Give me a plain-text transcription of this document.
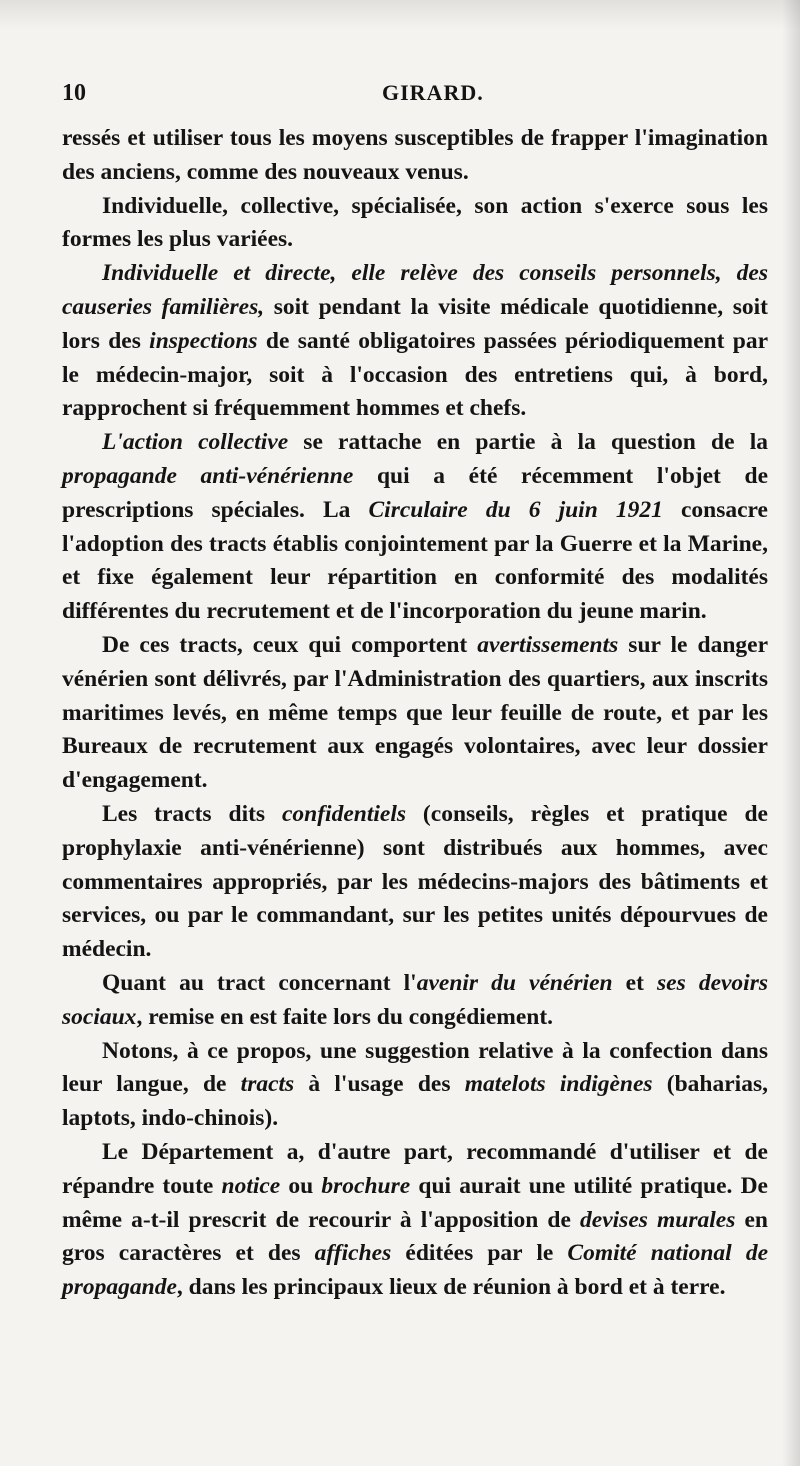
10	GIRARD.

ressés et utiliser tous les moyens susceptibles de frapper l'imagination des anciens, comme des nouveaux venus.

Individuelle, collective, spécialisée, son action s'exerce sous les formes les plus variées.

Individuelle et directe, elle relève des conseils personnels, des causeries familières, soit pendant la visite médicale quotidienne, soit lors des inspections de santé obligatoires passées périodiquement par le médecin-major, soit à l'occasion des entretiens qui, à bord, rapprochent si fréquemment hommes et chefs.

L'action collective se rattache en partie à la question de la propagande anti-vénérienne qui a été récemment l'objet de prescriptions spéciales. La Circulaire du 6 juin 1921 consacre l'adoption des tracts établis conjointement par la Guerre et la Marine, et fixe également leur répartition en conformité des modalités différentes du recrutement et de l'incorporation du jeune marin.

De ces tracts, ceux qui comportent avertissements sur le danger vénérien sont délivrés, par l'Administration des quartiers, aux inscrits maritimes levés, en même temps que leur feuille de route, et par les Bureaux de recrutement aux engagés volontaires, avec leur dossier d'engagement.

Les tracts dits confidentiels (conseils, règles et pratique de prophylaxie anti-vénérienne) sont distribués aux hommes, avec commentaires appropriés, par les médecins-majors des bâtiments et services, ou par le commandant, sur les petites unités dépourvues de médecin.

Quant au tract concernant l'avenir du vénérien et ses devoirs sociaux, remise en est faite lors du congédiement.

Notons, à ce propos, une suggestion relative à la confection dans leur langue, de tracts à l'usage des matelots indigènes (baharias, laptots, indo-chinois).

Le Département a, d'autre part, recommandé d'utiliser et de répandre toute notice ou brochure qui aurait une utilité pratique. De même a-t-il prescrit de recourir à l'apposition de devises murales en gros caractères et des affiches éditées par le Comité national de propagande, dans les principaux lieux de réunion à bord et à terre.
